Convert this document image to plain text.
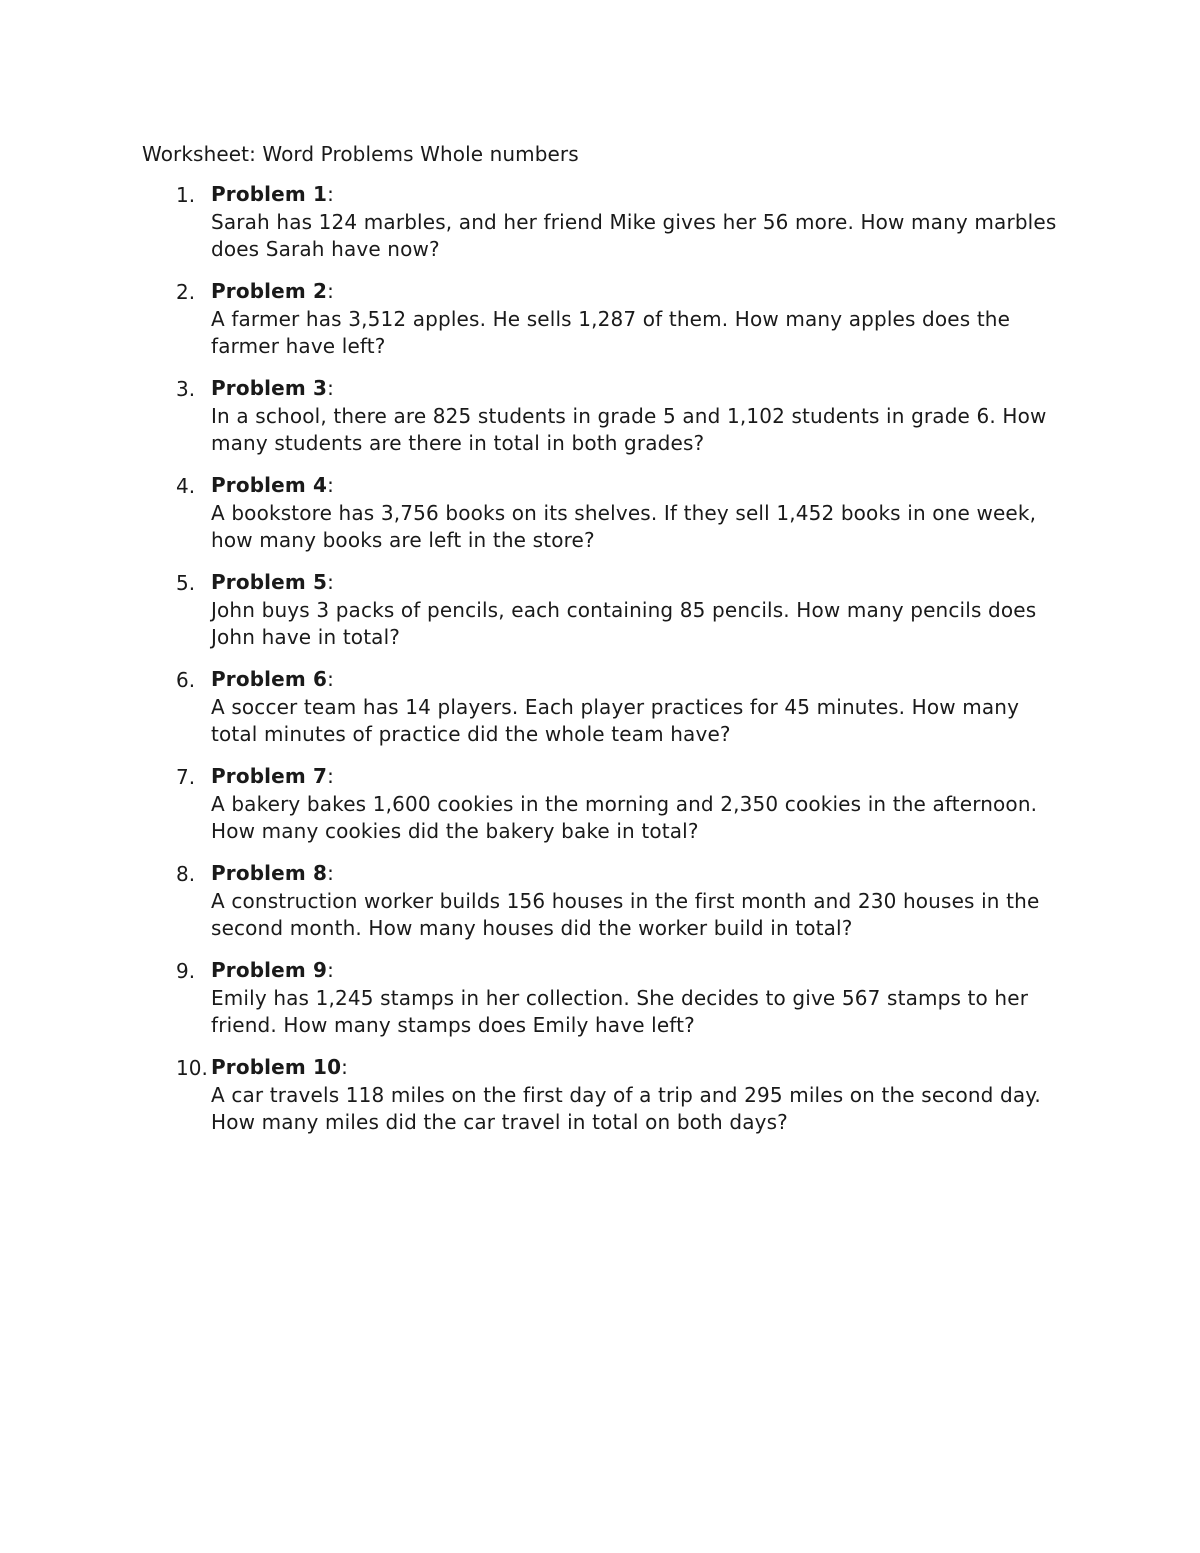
Worksheet: Word Problems Whole numbers
1. Problem 1:
Sarah has 124 marbles, and her friend Mike gives her 56 more. How many marbles does Sarah have now?
2. Problem 2:
A farmer has 3,512 apples. He sells 1,287 of them. How many apples does the farmer have left?
3. Problem 3:
In a school, there are 825 students in grade 5 and 1,102 students in grade 6. How many students are there in total in both grades?
4. Problem 4:
A bookstore has 3,756 books on its shelves. If they sell 1,452 books in one week, how many books are left in the store?
5. Problem 5:
John buys 3 packs of pencils, each containing 85 pencils. How many pencils does John have in total?
6. Problem 6:
A soccer team has 14 players. Each player practices for 45 minutes. How many total minutes of practice did the whole team have?
7. Problem 7:
A bakery bakes 1,600 cookies in the morning and 2,350 cookies in the afternoon. How many cookies did the bakery bake in total?
8. Problem 8:
A construction worker builds 156 houses in the first month and 230 houses in the second month. How many houses did the worker build in total?
9. Problem 9:
Emily has 1,245 stamps in her collection. She decides to give 567 stamps to her friend. How many stamps does Emily have left?
10. Problem 10:
A car travels 118 miles on the first day of a trip and 295 miles on the second day. How many miles did the car travel in total on both days?
